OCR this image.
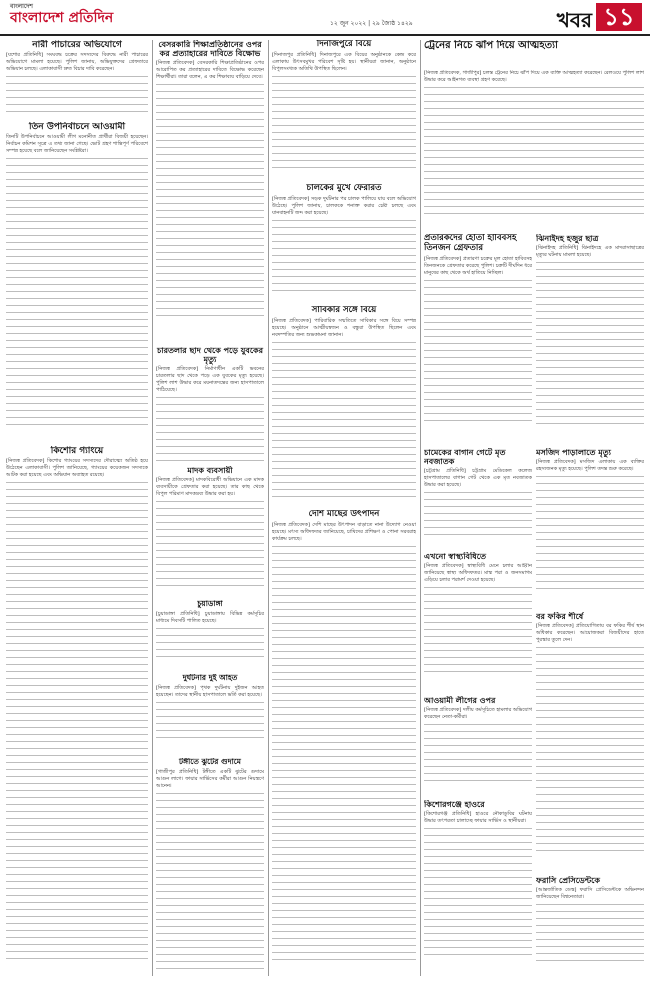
বাংলাদেশ
বাংলাদেশ প্রতিদিন	১২ জুন ২০২২ | ২৯ জ্যৈষ্ঠ ১৪২৯	খবর ১১
নারী পাচারের অভিযোগে
[যশোর প্রতিনিধি] সংঘবদ্ধ চক্রের সদস্যদের বিরুদ্ধে নারী পাচারের অভিযোগে মামলা হয়েছে। পুলিশ জানায়, অভিযুক্তদের গ্রেফতারে অভিযান চলছে। এলাকাবাসী দ্রুত বিচার দাবি করেছেন।
তিন উপনির্বাচনে আওয়ামী
তিনটি উপনির্বাচনে আওয়ামী লীগ মনোনীত প্রার্থীরা বিজয়ী হয়েছেন। নির্বাচন কমিশন সূত্রে এ তথ্য জানা গেছে। ভোট গ্রহণ শান্তিপূর্ণ পরিবেশে সম্পন্ন হয়েছে বলে জানিয়েছেন সংশ্লিষ্টরা।
কিশোর গ্যাংয়ে
[নিজস্ব প্রতিবেদক] কিশোর গ্যাংয়ের সদস্যদের দৌরাত্ম্যে অতিষ্ঠ হয়ে উঠেছেন এলাকাবাসী। পুলিশ জানিয়েছে, গ্যাংয়ের কয়েকজন সদস্যকে আটক করা হয়েছে এবং অভিযান অব্যাহত রয়েছে।
বেসরকারি শিক্ষাপ্রতিষ্ঠানের ওপর কর প্রত্যাহারের দাবিতে বিক্ষোভ
[নিজস্ব প্রতিবেদক] বেসরকারি শিক্ষাপ্রতিষ্ঠানের ওপর আরোপিত কর প্রত্যাহারের দাবিতে বিক্ষোভ করেছেন শিক্ষার্থীরা। তারা বলেন, এ কর শিক্ষাব্যয় বাড়িয়ে দেবে।
চারতলার ছাদ থেকে পড়ে যুবকের মৃত্যু
[নিজস্ব প্রতিবেদক] নির্মাণাধীন একটি ভবনের চারতলার ছাদ থেকে পড়ে এক যুবকের মৃত্যু হয়েছে। পুলিশ লাশ উদ্ধার করে ময়নাতদন্তের জন্য হাসপাতালে পাঠিয়েছে।
মাদক ব্যবসায়ী
[নিজস্ব প্রতিবেদক] মাদকবিরোধী অভিযানে এক মাদক ব্যবসায়ীকে গ্রেফতার করা হয়েছে। তার কাছ থেকে বিপুল পরিমাণ মাদকদ্রব্য উদ্ধার করা হয়।
চুয়াডাঙ্গা
[চুয়াডাঙ্গা প্রতিনিধি] চুয়াডাঙ্গায় বিভিন্ন কর্মসূচির মাধ্যমে দিবসটি পালিত হয়েছে।
দুর্ঘটনার দুই আহত
[নিজস্ব প্রতিবেদক] পৃথক দুর্ঘটনায় দুইজন আহত হয়েছেন। তাদের স্থানীয় হাসপাতালে ভর্তি করা হয়েছে।
টঙ্গীতে ঝুটের গুদামে
[গাজীপুর প্রতিনিধি] টঙ্গীতে একটি ঝুটের গুদামে আগুন লাগে। ফায়ার সার্ভিসের কর্মীরা আগুন নিয়ন্ত্রণে আনেন।
দিনাজপুরে বিয়ে
[দিনাজপুর প্রতিনিধি] দিনাজপুরে এক বিয়ের অনুষ্ঠানকে কেন্দ্র করে এলাকায় উৎসবমুখর পরিবেশ সৃষ্টি হয়। স্থানীয়রা জানান, অনুষ্ঠানে বিপুলসংখ্যক অতিথি উপস্থিত ছিলেন।
চালকের মুখে ফেরারত
[নিজস্ব প্রতিবেদক] সড়ক দুর্ঘটনার পর চালক পালিয়ে যায় বলে অভিযোগ উঠেছে। পুলিশ জানায়, চালককে শনাক্ত করার চেষ্টা চলছে এবং যানবাহনটি জব্দ করা হয়েছে।
সাবিকার সঙ্গে বিয়ে
[নিজস্ব প্রতিবেদক] পারিবারিক সম্মতিতে সাবিকার সঙ্গে বিয়ে সম্পন্ন হয়েছে। অনুষ্ঠানে আত্মীয়স্বজন ও বন্ধুরা উপস্থিত ছিলেন এবং নবদম্পতির জন্য শুভকামনা জানান।
দেশি মাছের উৎপাদন
[নিজস্ব প্রতিবেদক] দেশি মাছের উৎপাদন বাড়াতে নানা উদ্যোগ নেওয়া হয়েছে। মৎস্য অধিদফতর জানিয়েছে, চাষিদের প্রশিক্ষণ ও পোনা সরবরাহ কার্যক্রম চলছে।
ট্রেনের নিচে ঝাঁপ দিয়ে আত্মহত্যা
[নিজস্ব প্রতিবেদক, গাজীপুর] চলন্ত ট্রেনের নিচে ঝাঁপ দিয়ে এক ব্যক্তি আত্মহত্যা করেছেন। রেলওয়ে পুলিশ লাশ উদ্ধার করে আইনগত ব্যবস্থা গ্রহণ করেছে।
প্রতারকদের হোতা হাবিবসহ তিনজন গ্রেফতার
[নিজস্ব প্রতিবেদক] প্রতারণা চক্রের মূল হোতা হাবিবসহ তিনজনকে গ্রেফতার করেছে পুলিশ। চক্রটি দীর্ঘদিন ধরে মানুষের কাছ থেকে অর্থ হাতিয়ে নিচ্ছিল।
ঝিনাইদহ হজুর ছাত্র
[ঝিনাইদহ প্রতিনিধি] ঝিনাইদহে এক মাদরাসাছাত্রের মৃত্যুর ঘটনায় মামলা হয়েছে।
চামেকের বাগান গেটে মৃত নবজাতক
[চট্টগ্রাম প্রতিনিধি] চট্টগ্রাম মেডিকেল কলেজ হাসপাতালের বাগান গেট থেকে এক মৃত নবজাতক উদ্ধার করা হয়েছে।
এখনো স্বাস্থ্যবিধিতে
[নিজস্ব প্রতিবেদক] স্বাস্থ্যবিধি মেনে চলার আহ্বান জানিয়েছে স্বাস্থ্য অধিদফতর। মাস্ক পরা ও জনসমাগম এড়িয়ে চলার পরামর্শ দেওয়া হয়েছে।
আওয়ামী লীগের ওপর
[নিজস্ব প্রতিবেদক] দলীয় কর্মসূচিতে হামলার অভিযোগ করেছেন নেতা-কর্মীরা।
কিশোরগঞ্জে হাওরে
[কিশোরগঞ্জ প্রতিনিধি] হাওরে নৌকাডুবির ঘটনায় উদ্ধার তৎপরতা চালাচ্ছে ফায়ার সার্ভিস ও স্থানীয়রা।
মসজিদ পাড়ালাতে মৃত্যু
[নিজস্ব প্রতিবেদক] মসজিদ এলাকায় এক ব্যক্তির রহস্যজনক মৃত্যু হয়েছে। পুলিশ তদন্ত শুরু করেছে।
বর ফকির শীর্ষে
[নিজস্ব প্রতিবেদক] প্রতিযোগিতায় বর ফকির শীর্ষ স্থান অধিকার করেছেন। আয়োজকরা বিজয়ীদের হাতে পুরস্কার তুলে দেন।
ফরাসি প্রেসিডেন্টকে
[আন্তর্জাতিক ডেস্ক] ফরাসি প্রেসিডেন্টকে অভিনন্দন জানিয়েছেন বিশ্বনেতারা।
